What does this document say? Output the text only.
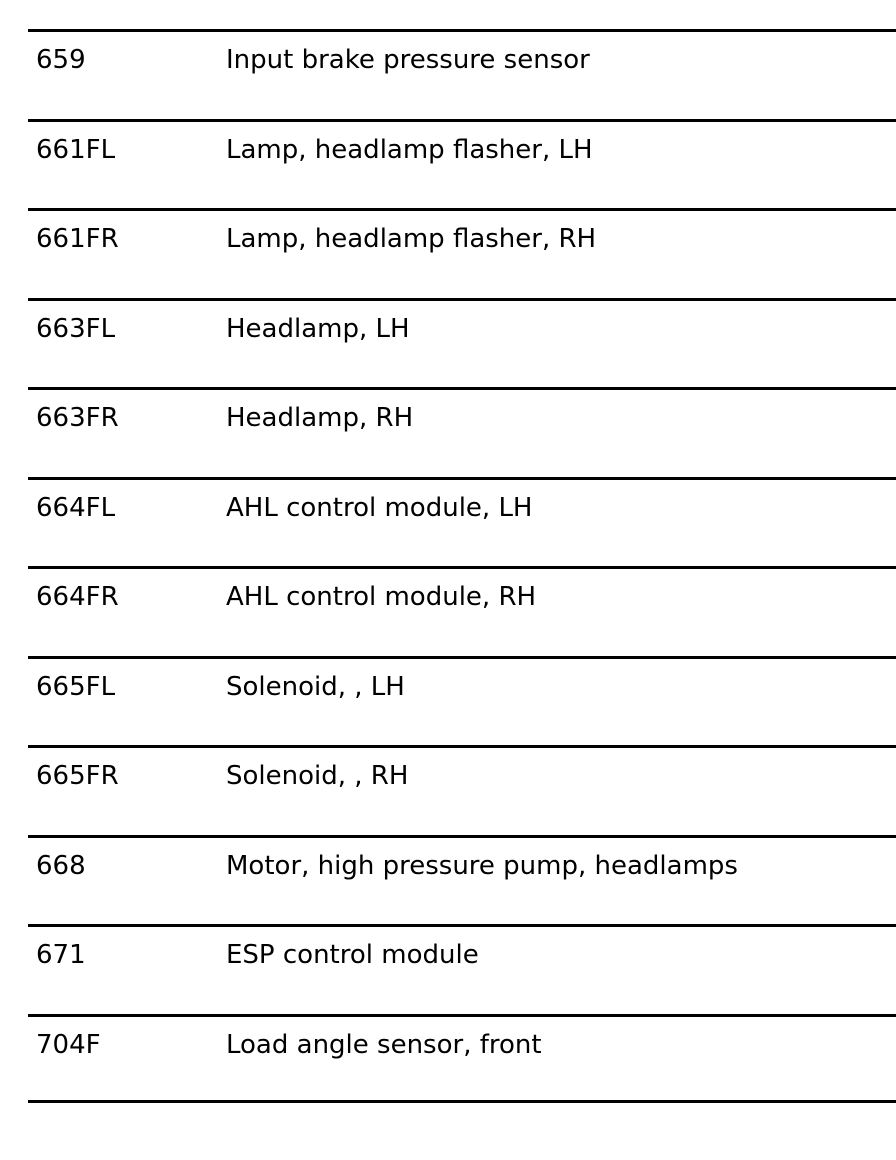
659	Input brake pressure sensor
661FL	Lamp, headlamp flasher, LH
661FR	Lamp, headlamp flasher, RH
663FL	Headlamp, LH
663FR	Headlamp, RH
664FL	AHL control module, LH
664FR	AHL control module, RH
665FL	Solenoid, , LH
665FR	Solenoid, , RH
668	Motor, high pressure pump, headlamps
671	ESP control module
704F	Load angle sensor, front
